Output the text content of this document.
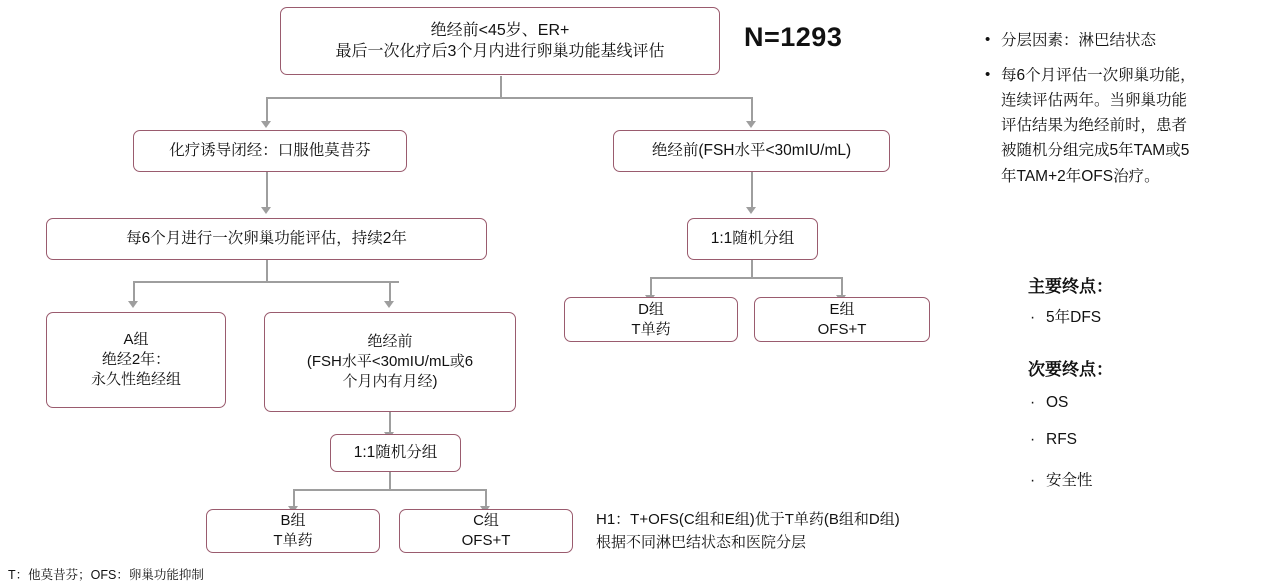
绝经前<45岁、ER+
最后一次化疗后3个月内进行卵巢功能基线评估	N=1293
化疗诱导闭经：口服他莫昔芬	绝经前(FSH水平<30mIU/mL)
每6个月进行一次卵巢功能评估，持续2年	1:1随机分组
A组
绝经2年：
永久性绝经组
绝经前
(FSH水平<30mIU/mL或6
个月内有月经)
D组
T单药
E组
OFS+T
1:1随机分组
B组
T单药
C组
OFS+T
H1：T+OFS(C组和E组)优于T单药(B组和D组)
根据不同淋巴结状态和医院分层
T：他莫昔芬；OFS：卵巢功能抑制
• 分层因素：淋巴结状态
• 每6个月评估一次卵巢功能，
连续评估两年。当卵巢功能
评估结果为绝经前时，患者
被随机分组完成5年TAM或5
年TAM+2年OFS治疗。
主要终点：
· 5年DFS
次要终点：
· OS
· RFS
· 安全性
